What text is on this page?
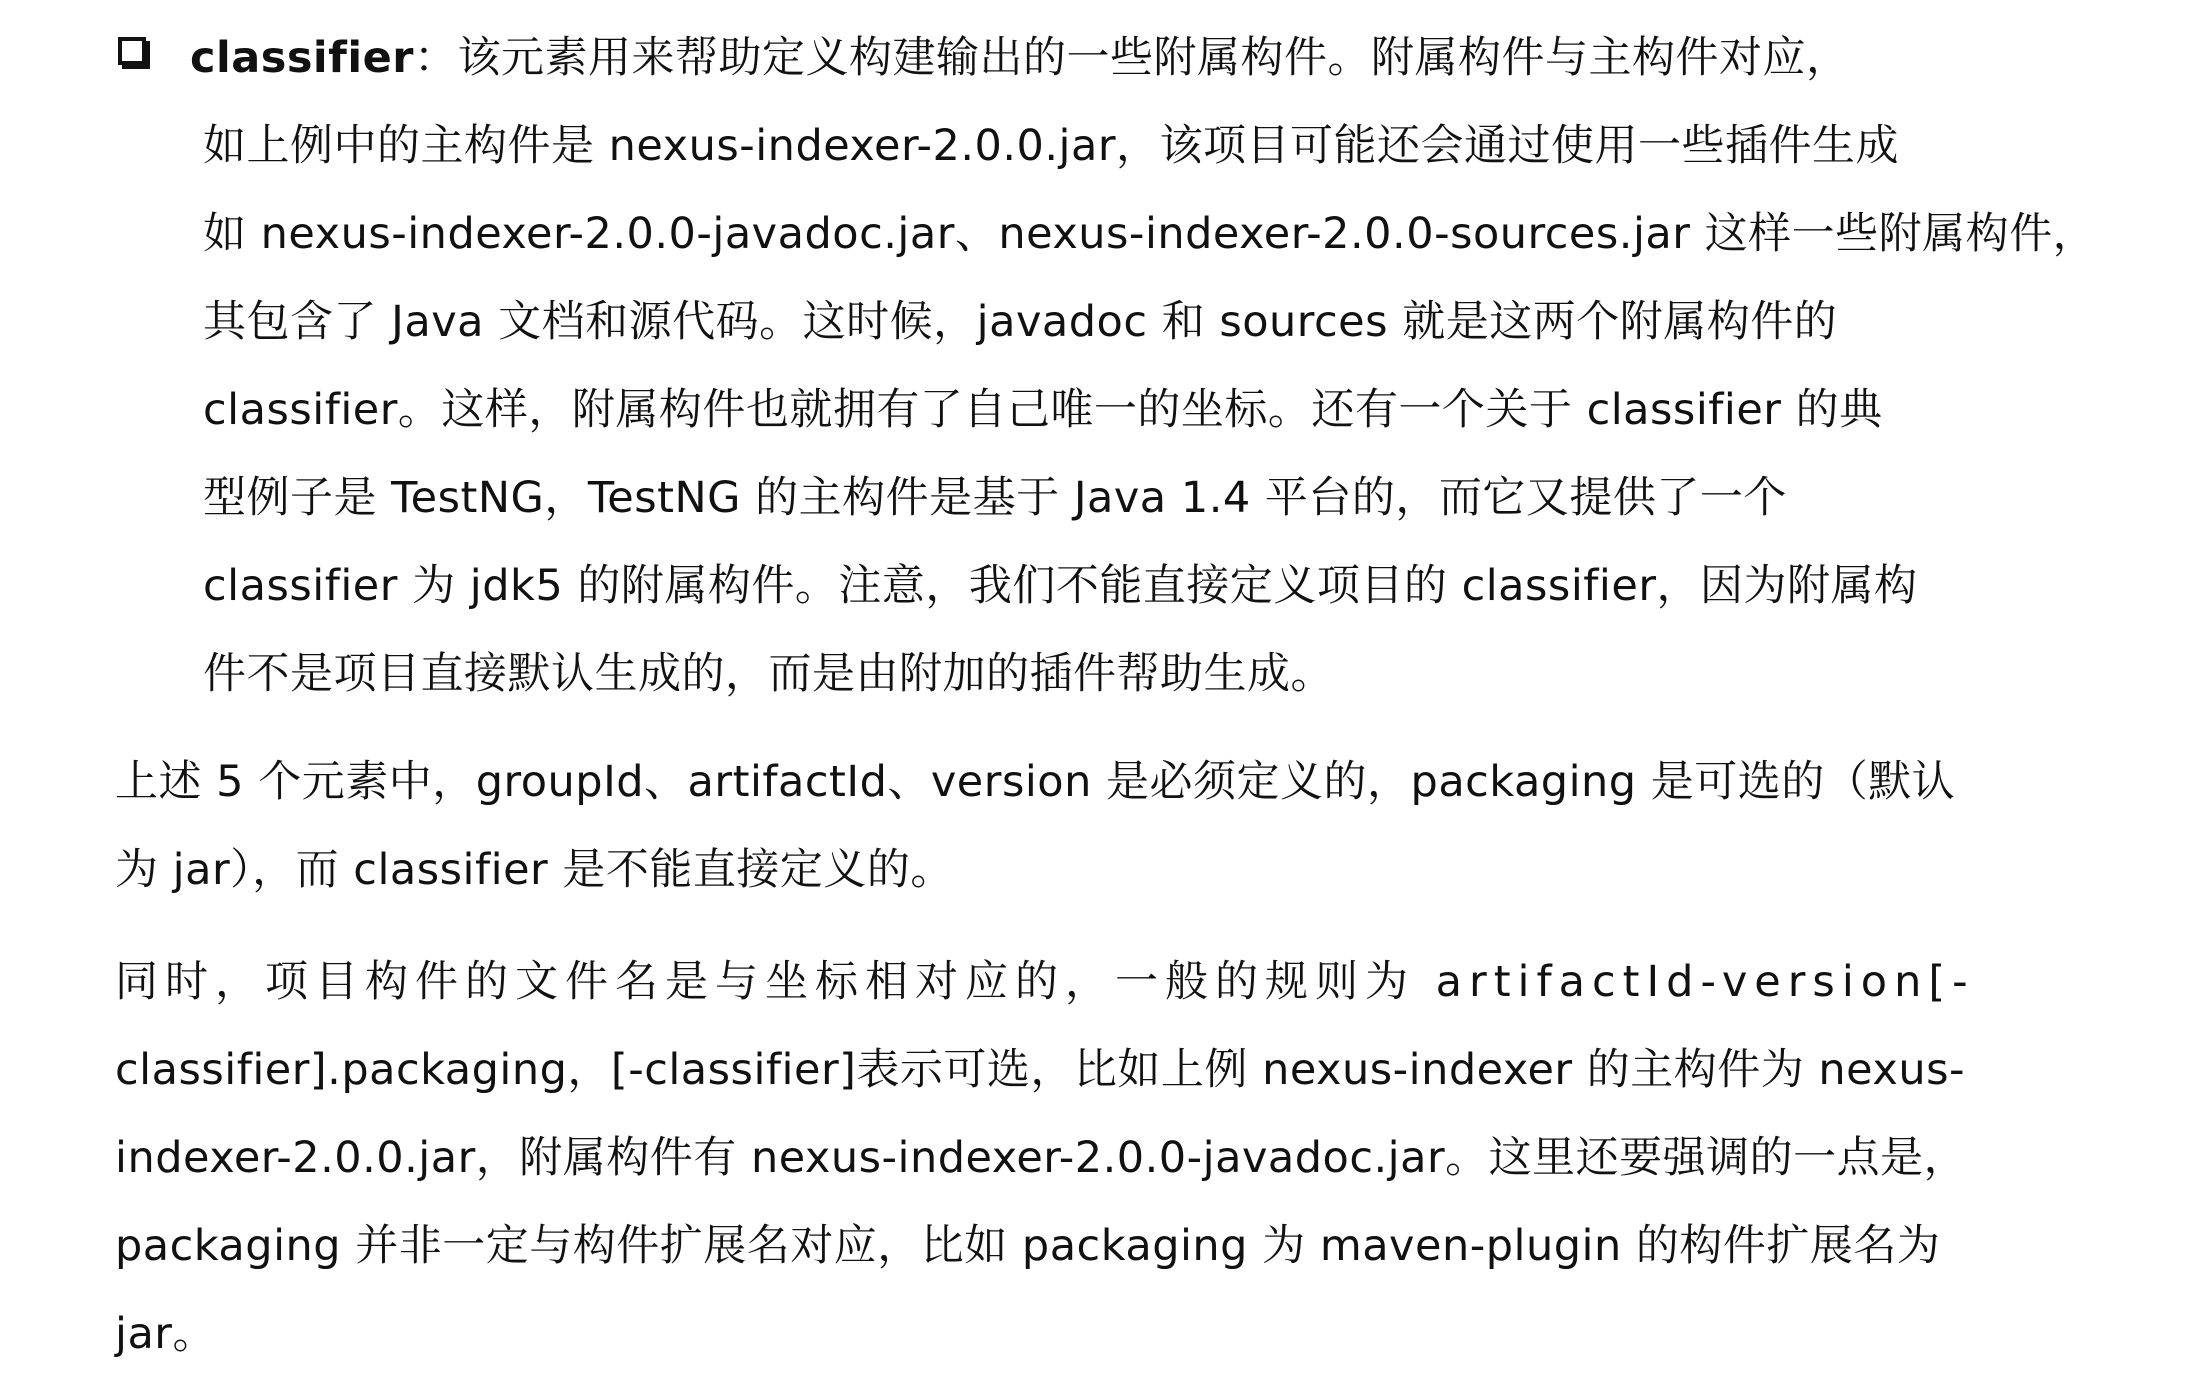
classifier：该元素用来帮助定义构建输出的一些附属构件。附属构件与主构件对应，
如上例中的主构件是 nexus-indexer-2.0.0.jar，该项目可能还会通过使用一些插件生成
如 nexus-indexer-2.0.0-javadoc.jar、nexus-indexer-2.0.0-sources.jar 这样一些附属构件，
其包含了 Java 文档和源代码。这时候，javadoc 和 sources 就是这两个附属构件的
classifier。这样，附属构件也就拥有了自己唯一的坐标。还有一个关于 classifier 的典
型例子是 TestNG，TestNG 的主构件是基于 Java 1.4 平台的，而它又提供了一个
classifier 为 jdk5 的附属构件。注意，我们不能直接定义项目的 classifier，因为附属构
件不是项目直接默认生成的，而是由附加的插件帮助生成。
上述 5 个元素中，groupId、artifactId、version 是必须定义的，packaging 是可选的（默认
为 jar），而 classifier 是不能直接定义的。
同时，项目构件的文件名是与坐标相对应的，一般的规则为 artifactId-version[-
classifier].packaging，[-classifier]表示可选，比如上例 nexus-indexer 的主构件为 nexus-
indexer-2.0.0.jar，附属构件有 nexus-indexer-2.0.0-javadoc.jar。这里还要强调的一点是，
packaging 并非一定与构件扩展名对应，比如 packaging 为 maven-plugin 的构件扩展名为
jar。
